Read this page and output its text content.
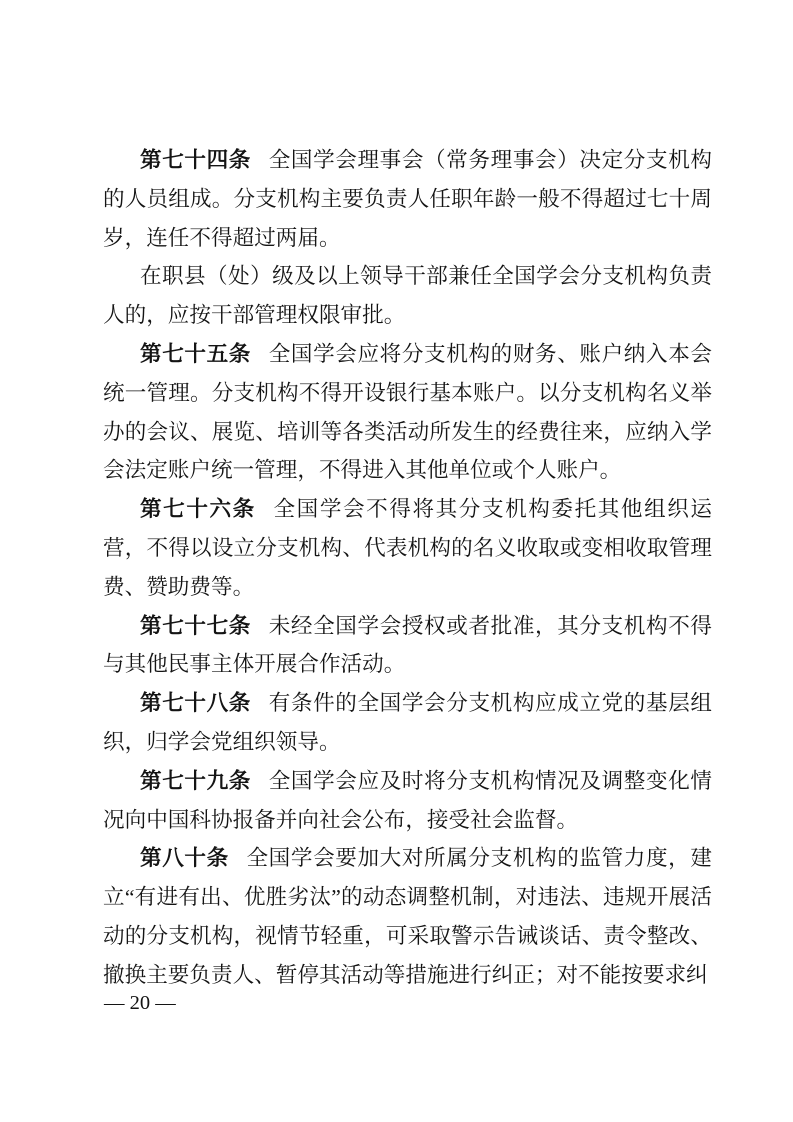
第七十四条 全国学会理事会（常务理事会）决定分支机构的人员组成。分支机构主要负责人任职年龄一般不得超过七十周岁，连任不得超过两届。

在职县（处）级及以上领导干部兼任全国学会分支机构负责人的，应按干部管理权限审批。

第七十五条 全国学会应将分支机构的财务、账户纳入本会统一管理。分支机构不得开设银行基本账户。以分支机构名义举办的会议、展览、培训等各类活动所发生的经费往来，应纳入学会法定账户统一管理，不得进入其他单位或个人账户。

第七十六条 全国学会不得将其分支机构委托其他组织运营，不得以设立分支机构、代表机构的名义收取或变相收取管理费、赞助费等。

第七十七条 未经全国学会授权或者批准，其分支机构不得与其他民事主体开展合作活动。

第七十八条 有条件的全国学会分支机构应成立党的基层组织，归学会党组织领导。

第七十九条 全国学会应及时将分支机构情况及调整变化情况向中国科协报备并向社会公布，接受社会监督。

第八十条 全国学会要加大对所属分支机构的监管力度，建立“有进有出、优胜劣汰”的动态调整机制，对违法、违规开展活动的分支机构，视情节轻重，可采取警示告诫谈话、责令整改、撤换主要负责人、暂停其活动等措施进行纠正；对不能按要求纠

— 20 —
